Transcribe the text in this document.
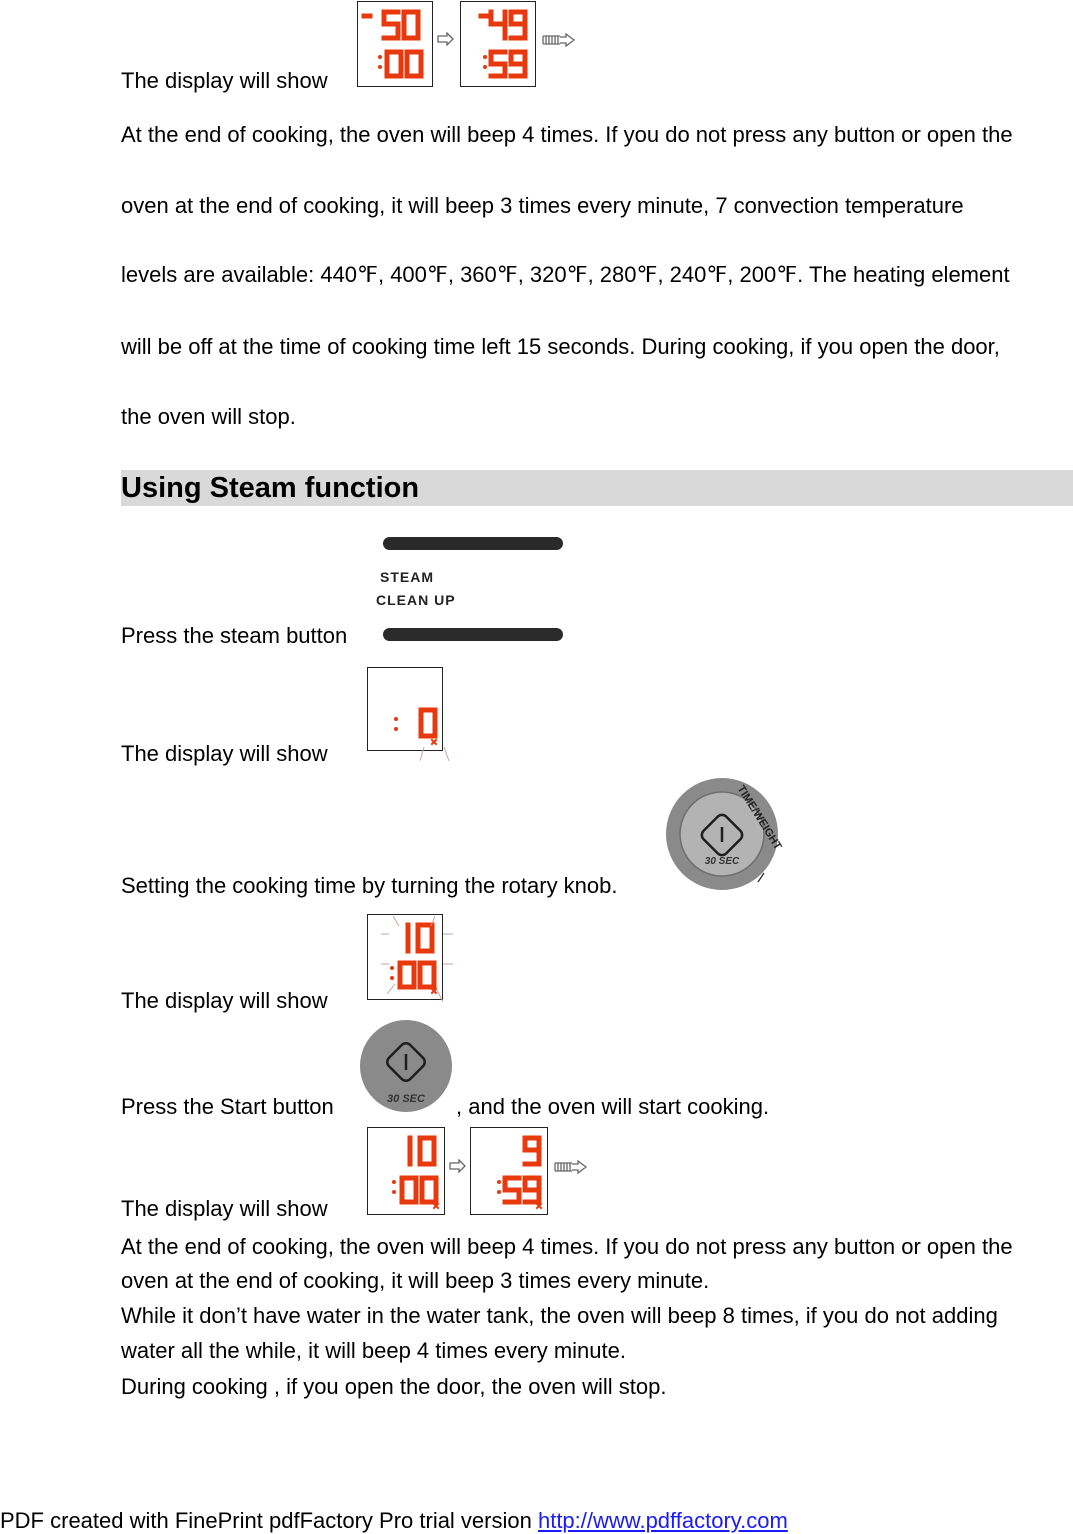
The display will show
At the end of cooking, the oven will beep 4 times. If you do not press any button or open the
oven at the end of cooking, it will beep 3 times every minute, 7 convection temperature
levels are available: 440℉, 400℉, 360℉, 320℉, 280℉, 240℉, 200℉. The heating element
will be off at the time of cooking time left 15 seconds. During cooking, if you open the door,
the oven will stop.
Using Steam function
STEAM
CLEAN UP
Press the steam button
The display will show
Setting the cooking time by turning the rotary knob.
30 SEC
TIME/WEIGHT
The display will show
Press the Start button	30 SEC , and the oven will start cooking.
The display will show
At the end of cooking, the oven will beep 4 times. If you do not press any button or open the
oven at the end of cooking, it will beep 3 times every minute.
While it don’t have water in the water tank, the oven will beep 8 times, if you do not adding
water all the while, it will beep 4 times every minute.
During cooking , if you open the door, the oven will stop.
PDF created with FinePrint pdfFactory Pro trial version http://www.pdffactory.com
